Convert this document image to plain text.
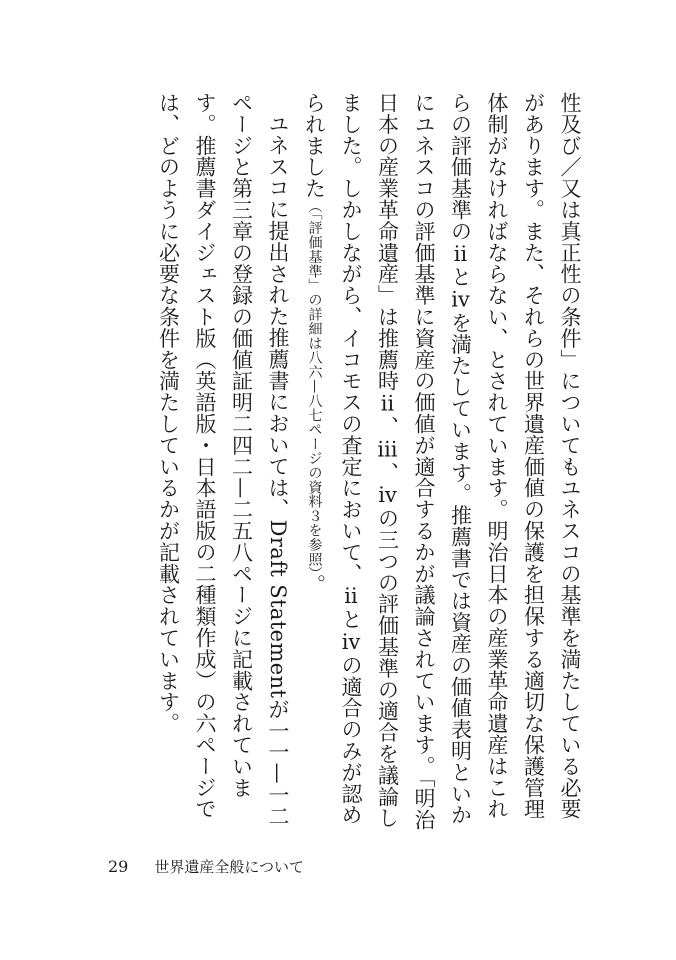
性及び／又は真正性の条件」についてもユネスコの基準を満たしている必要があります。また、それらの世界遺産価値の保護を担保する適切な保護管理体制がなければならない、とされています。明治日本の産業革命遺産はこれらの評価基準のⅱとⅳを満たしています。推薦書では資産の価値表明といかにユネスコの評価基準に資産の価値が適合するかが議論されています。「明治日本の産業革命遺産」は推薦時ⅱ、ⅲ、ⅳの三つの評価基準の適合を議論しました。しかしながら、イコモスの査定において、ⅱとⅳの適合のみが認められました（「評価基準」の詳細は八六—八七ページの資料３を参照）。

ユネスコに提出された推薦書においては、Draft Statementが一一—一二ページと第三章の登録の価値証明二四二—二五八ページに記載されています。推薦書ダイジェスト版（英語版・日本語版の二種類作成）の六ページでは、どのように必要な条件を満たしているかが記載されています。

29 世界遺産全般について
